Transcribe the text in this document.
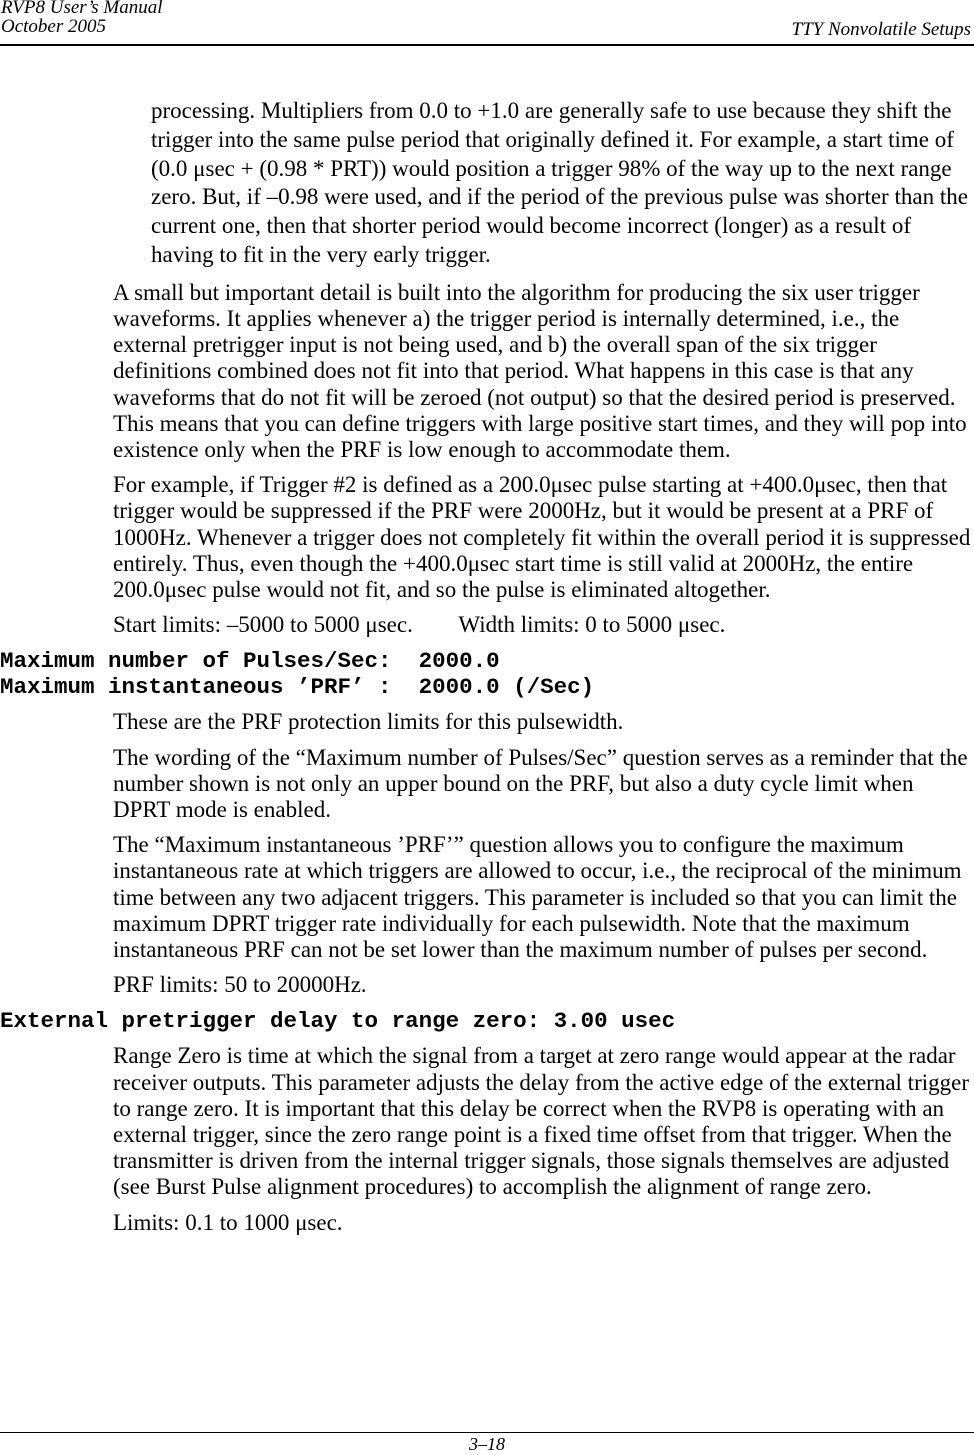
RVP8 User’s Manual
October 2005	TTY Nonvolatile Setups
processing. Multipliers from 0.0 to +1.0 are generally safe to use because they shift the trigger into the same pulse period that originally defined it. For example, a start time of (0.0 μsec + (0.98 * PRT)) would position a trigger 98% of the way up to the next range zero. But, if –0.98 were used, and if the period of the previous pulse was shorter than the current one, then that shorter period would become incorrect (longer) as a result of having to fit in the very early trigger.
A small but important detail is built into the algorithm for producing the six user trigger waveforms. It applies whenever a) the trigger period is internally determined, i.e., the external pretrigger input is not being used, and b) the overall span of the six trigger definitions combined does not fit into that period. What happens in this case is that any waveforms that do not fit will be zeroed (not output) so that the desired period is preserved. This means that you can define triggers with large positive start times, and they will pop into existence only when the PRF is low enough to accommodate them.
For example, if Trigger #2 is defined as a 200.0μsec pulse starting at +400.0μsec, then that trigger would be suppressed if the PRF were 2000Hz, but it would be present at a PRF of 1000Hz. Whenever a trigger does not completely fit within the overall period it is suppressed entirely. Thus, even though the +400.0μsec start time is still valid at 2000Hz, the entire 200.0μsec pulse would not fit, and so the pulse is eliminated altogether.
Start limits: –5000 to 5000 μsec. Width limits: 0 to 5000 μsec.
Maximum number of Pulses/Sec:  2000.0
Maximum instantaneous ’PRF’ :  2000.0 (/Sec)
These are the PRF protection limits for this pulsewidth.
The wording of the “Maximum number of Pulses/Sec” question serves as a reminder that the number shown is not only an upper bound on the PRF, but also a duty cycle limit when DPRT mode is enabled.
The “Maximum instantaneous ’PRF’” question allows you to configure the maximum instantaneous rate at which triggers are allowed to occur, i.e., the reciprocal of the minimum time between any two adjacent triggers. This parameter is included so that you can limit the maximum DPRT trigger rate individually for each pulsewidth. Note that the maximum instantaneous PRF can not be set lower than the maximum number of pulses per second.
PRF limits: 50 to 20000Hz.
External pretrigger delay to range zero: 3.00 usec
Range Zero is time at which the signal from a target at zero range would appear at the radar receiver outputs. This parameter adjusts the delay from the active edge of the external trigger to range zero. It is important that this delay be correct when the RVP8 is operating with an external trigger, since the zero range point is a fixed time offset from that trigger. When the transmitter is driven from the internal trigger signals, those signals themselves are adjusted (see Burst Pulse alignment procedures) to accomplish the alignment of range zero.
Limits: 0.1 to 1000 μsec.
3–18
